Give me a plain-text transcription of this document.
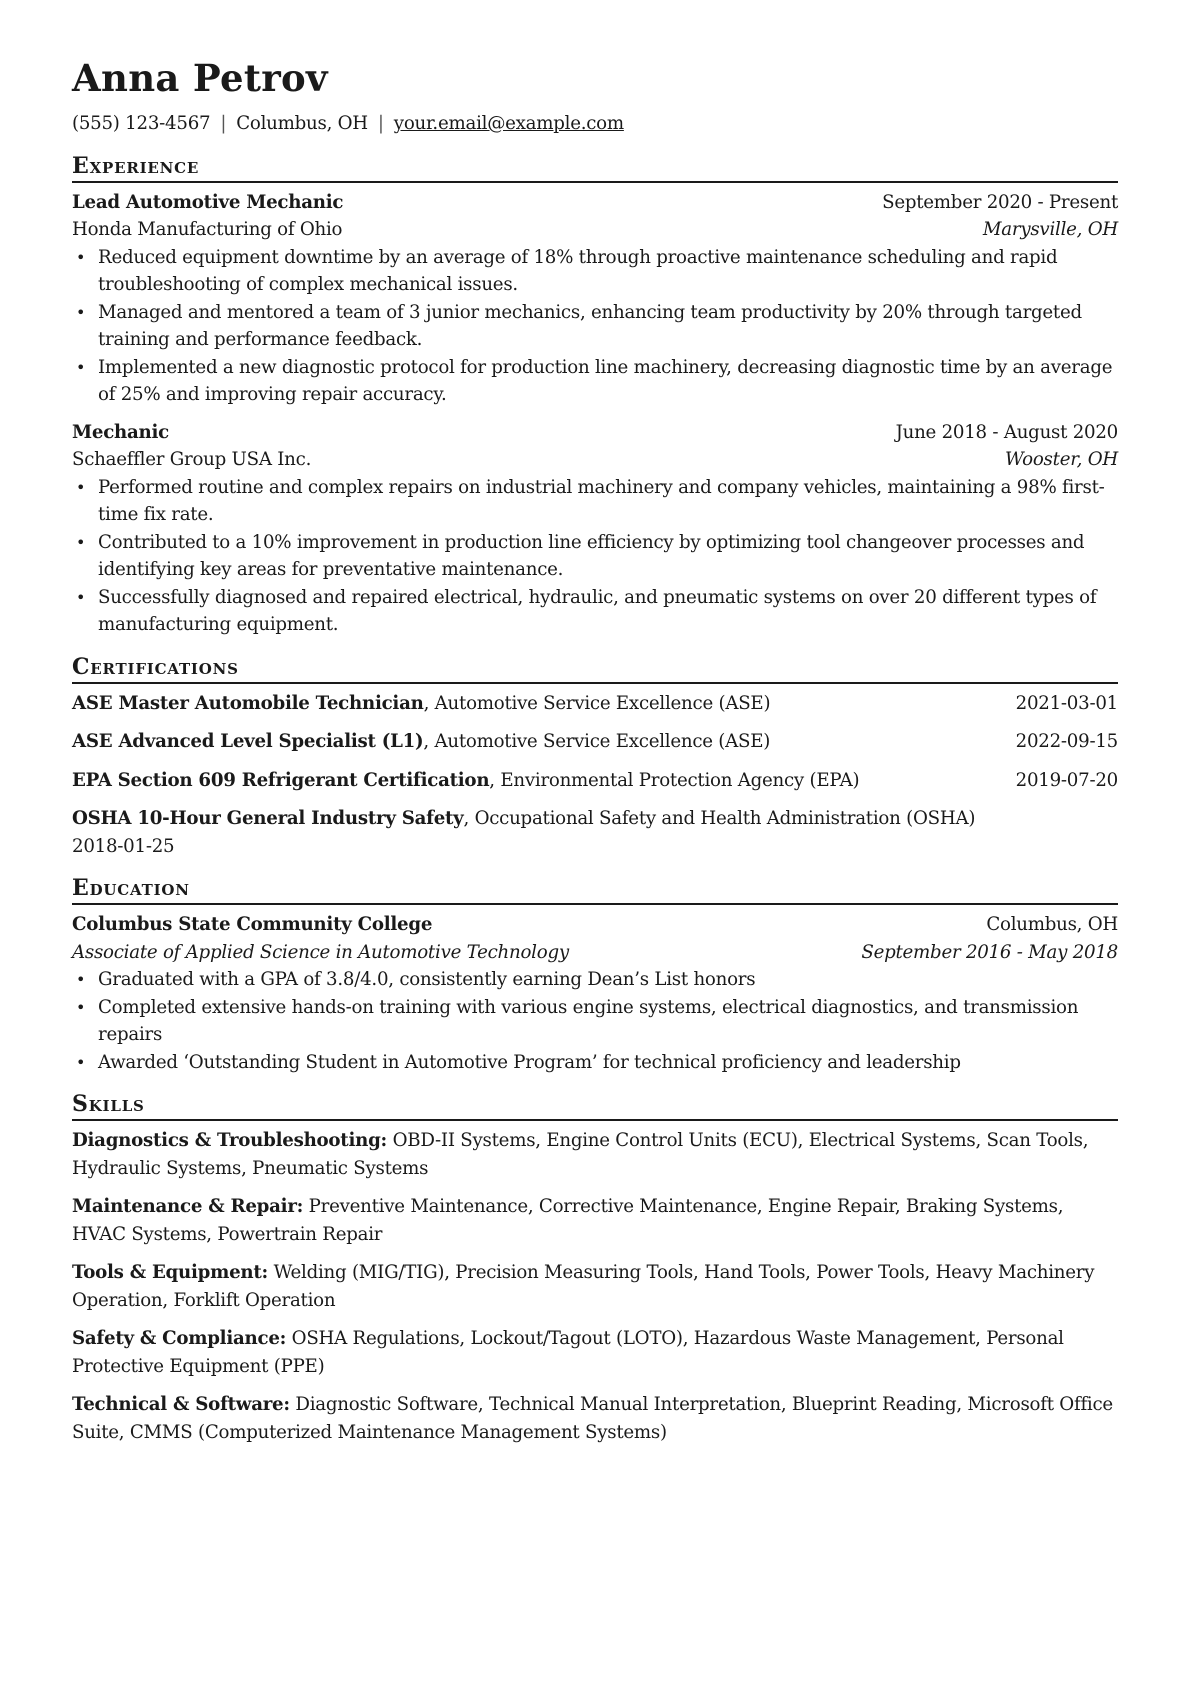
Anna Petrov
(555) 123-4567 | Columbus, OH | your.email@example.com
Experience
Lead Automotive Mechanic	September 2020 - Present
Honda Manufacturing of Ohio	Marysville, OH
• Reduced equipment downtime by an average of 18% through proactive maintenance scheduling and rapid troubleshooting of complex mechanical issues.
• Managed and mentored a team of 3 junior mechanics, enhancing team productivity by 20% through targeted training and performance feedback.
• Implemented a new diagnostic protocol for production line machinery, decreasing diagnostic time by an average of 25% and improving repair accuracy.
Mechanic	June 2018 - August 2020
Schaeffler Group USA Inc.	Wooster, OH
• Performed routine and complex repairs on industrial machinery and company vehicles, maintaining a 98% first-time fix rate.
• Contributed to a 10% improvement in production line efficiency by optimizing tool changeover processes and identifying key areas for preventative maintenance.
• Successfully diagnosed and repaired electrical, hydraulic, and pneumatic systems on over 20 different types of manufacturing equipment.
Certifications
ASE Master Automobile Technician, Automotive Service Excellence (ASE)	2021-03-01
ASE Advanced Level Specialist (L1), Automotive Service Excellence (ASE)	2022-09-15
EPA Section 609 Refrigerant Certification, Environmental Protection Agency (EPA)	2019-07-20
OSHA 10-Hour General Industry Safety, Occupational Safety and Health Administration (OSHA)
2018-01-25
Education
Columbus State Community College	Columbus, OH
Associate of Applied Science in Automotive Technology	September 2016 - May 2018
• Graduated with a GPA of 3.8/4.0, consistently earning Dean’s List honors
• Completed extensive hands-on training with various engine systems, electrical diagnostics, and transmission repairs
• Awarded ‘Outstanding Student in Automotive Program’ for technical proficiency and leadership
Skills
Diagnostics & Troubleshooting: OBD-II Systems, Engine Control Units (ECU), Electrical Systems, Scan Tools, Hydraulic Systems, Pneumatic Systems
Maintenance & Repair: Preventive Maintenance, Corrective Maintenance, Engine Repair, Braking Systems, HVAC Systems, Powertrain Repair
Tools & Equipment: Welding (MIG/TIG), Precision Measuring Tools, Hand Tools, Power Tools, Heavy Machinery Operation, Forklift Operation
Safety & Compliance: OSHA Regulations, Lockout/Tagout (LOTO), Hazardous Waste Management, Personal Protective Equipment (PPE)
Technical & Software: Diagnostic Software, Technical Manual Interpretation, Blueprint Reading, Microsoft Office Suite, CMMS (Computerized Maintenance Management Systems)
